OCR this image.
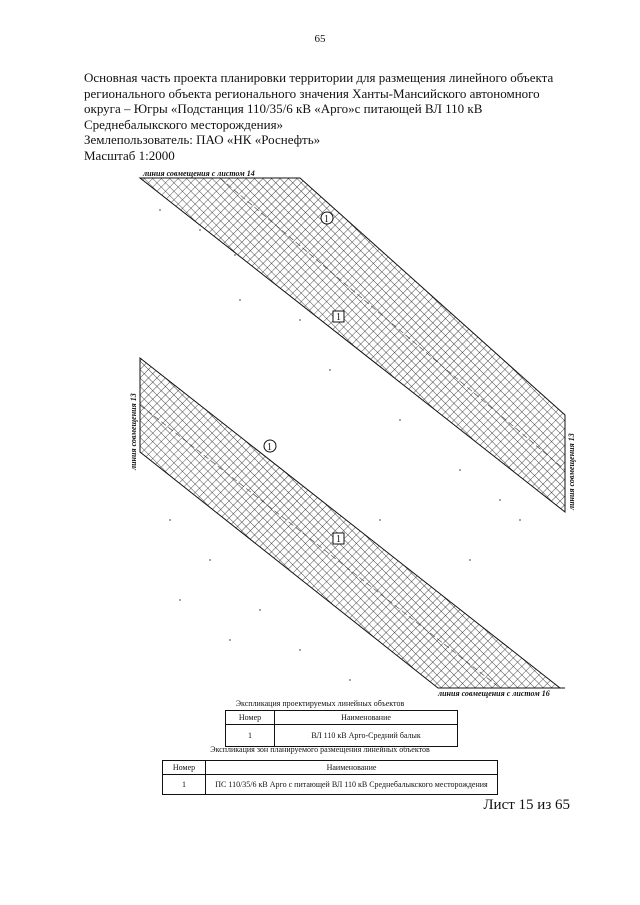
65
Основная часть проекта планировки территории для размещения линейного объекта
регионального объекта регионального значения Ханты-Мансийского автономного
округа – Югры «Подстанция 110/35/6 кВ «Арго»с питающей ВЛ 110 кВ
Среднебалыкского месторождения»
Землепользователь: ПАО «НК «Роснефть»
Масштаб 1:2000
линия совмещения с листом 14
линия совмещения с листом 16
линия совмещения 13
линия совмещения 13
1
1
1
1
Экспликация проектируемых линейных объектов
Номер	Наименование
1	ВЛ 110 кВ Арго-Средний балык
Экспликация зон планируемого размещения линейных объектов
Номер	Наименование
1	ПС 110/35/6 кВ Арго с питающей ВЛ 110 кВ Среднебалыкского месторождения
Лист 15 из 65
